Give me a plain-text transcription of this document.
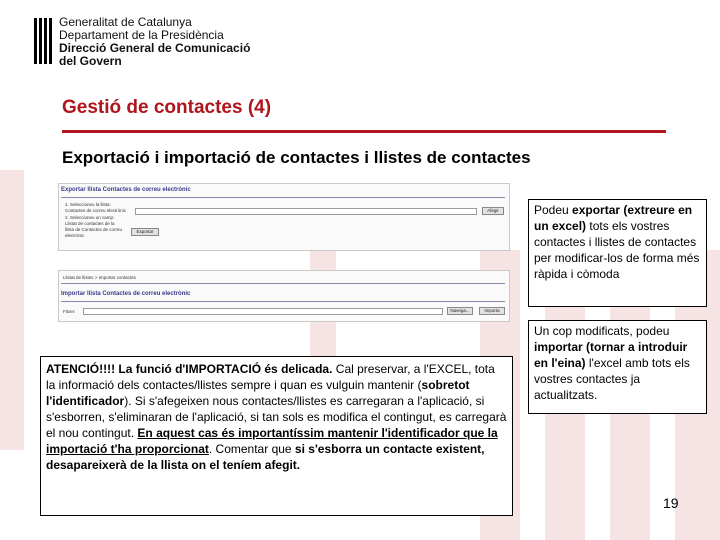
Generalitat de Catalunya
Departament de la Presidència
Direcció General de Comunicació
del Govern
Gestió de contactes (4)
Exportació i importació de contactes i llistes de contactes
Exportar llista Contactes de correu electrònic
1. Seleccioneu la llista:
Contactes de correu electrònic
2. Seleccioneu un camp:
Llistat de contactes de la
llista de Contactes de correu
electrònic
Afegir
Exportar
Llistat de llistes > Importar contactes
Importar llista Contactes de correu electrònic
Fitxer:	Navega...	Importa
Podeu exportar (extreure en un excel) tots els vostres contactes i llistes de contactes per modificar-los de forma més ràpida i còmoda
Un cop modificats, podeu importar (tornar a introduir en l'eina) l'excel amb tots els vostres contactes ja actualitzats.
ATENCIÓ!!!! La funció d'IMPORTACIÓ és delicada. Cal preservar, a l'EXCEL, tota la informació dels contactes/llistes sempre i quan es vulguin mantenir (sobretot l'identificador). Si s'afegeixen nous contactes/llistes es carregaran a l'aplicació, si s'esborren, s'eliminaran de l'aplicació, si tan sols es modifica el contingut, es carregarà el nou contingut. En aquest cas és importantíssim mantenir l'identificador que la importació t'ha proporcionat. Comentar que si s'esborra un contacte existent, desapareixerà de la llista on el teníem afegit.
19
